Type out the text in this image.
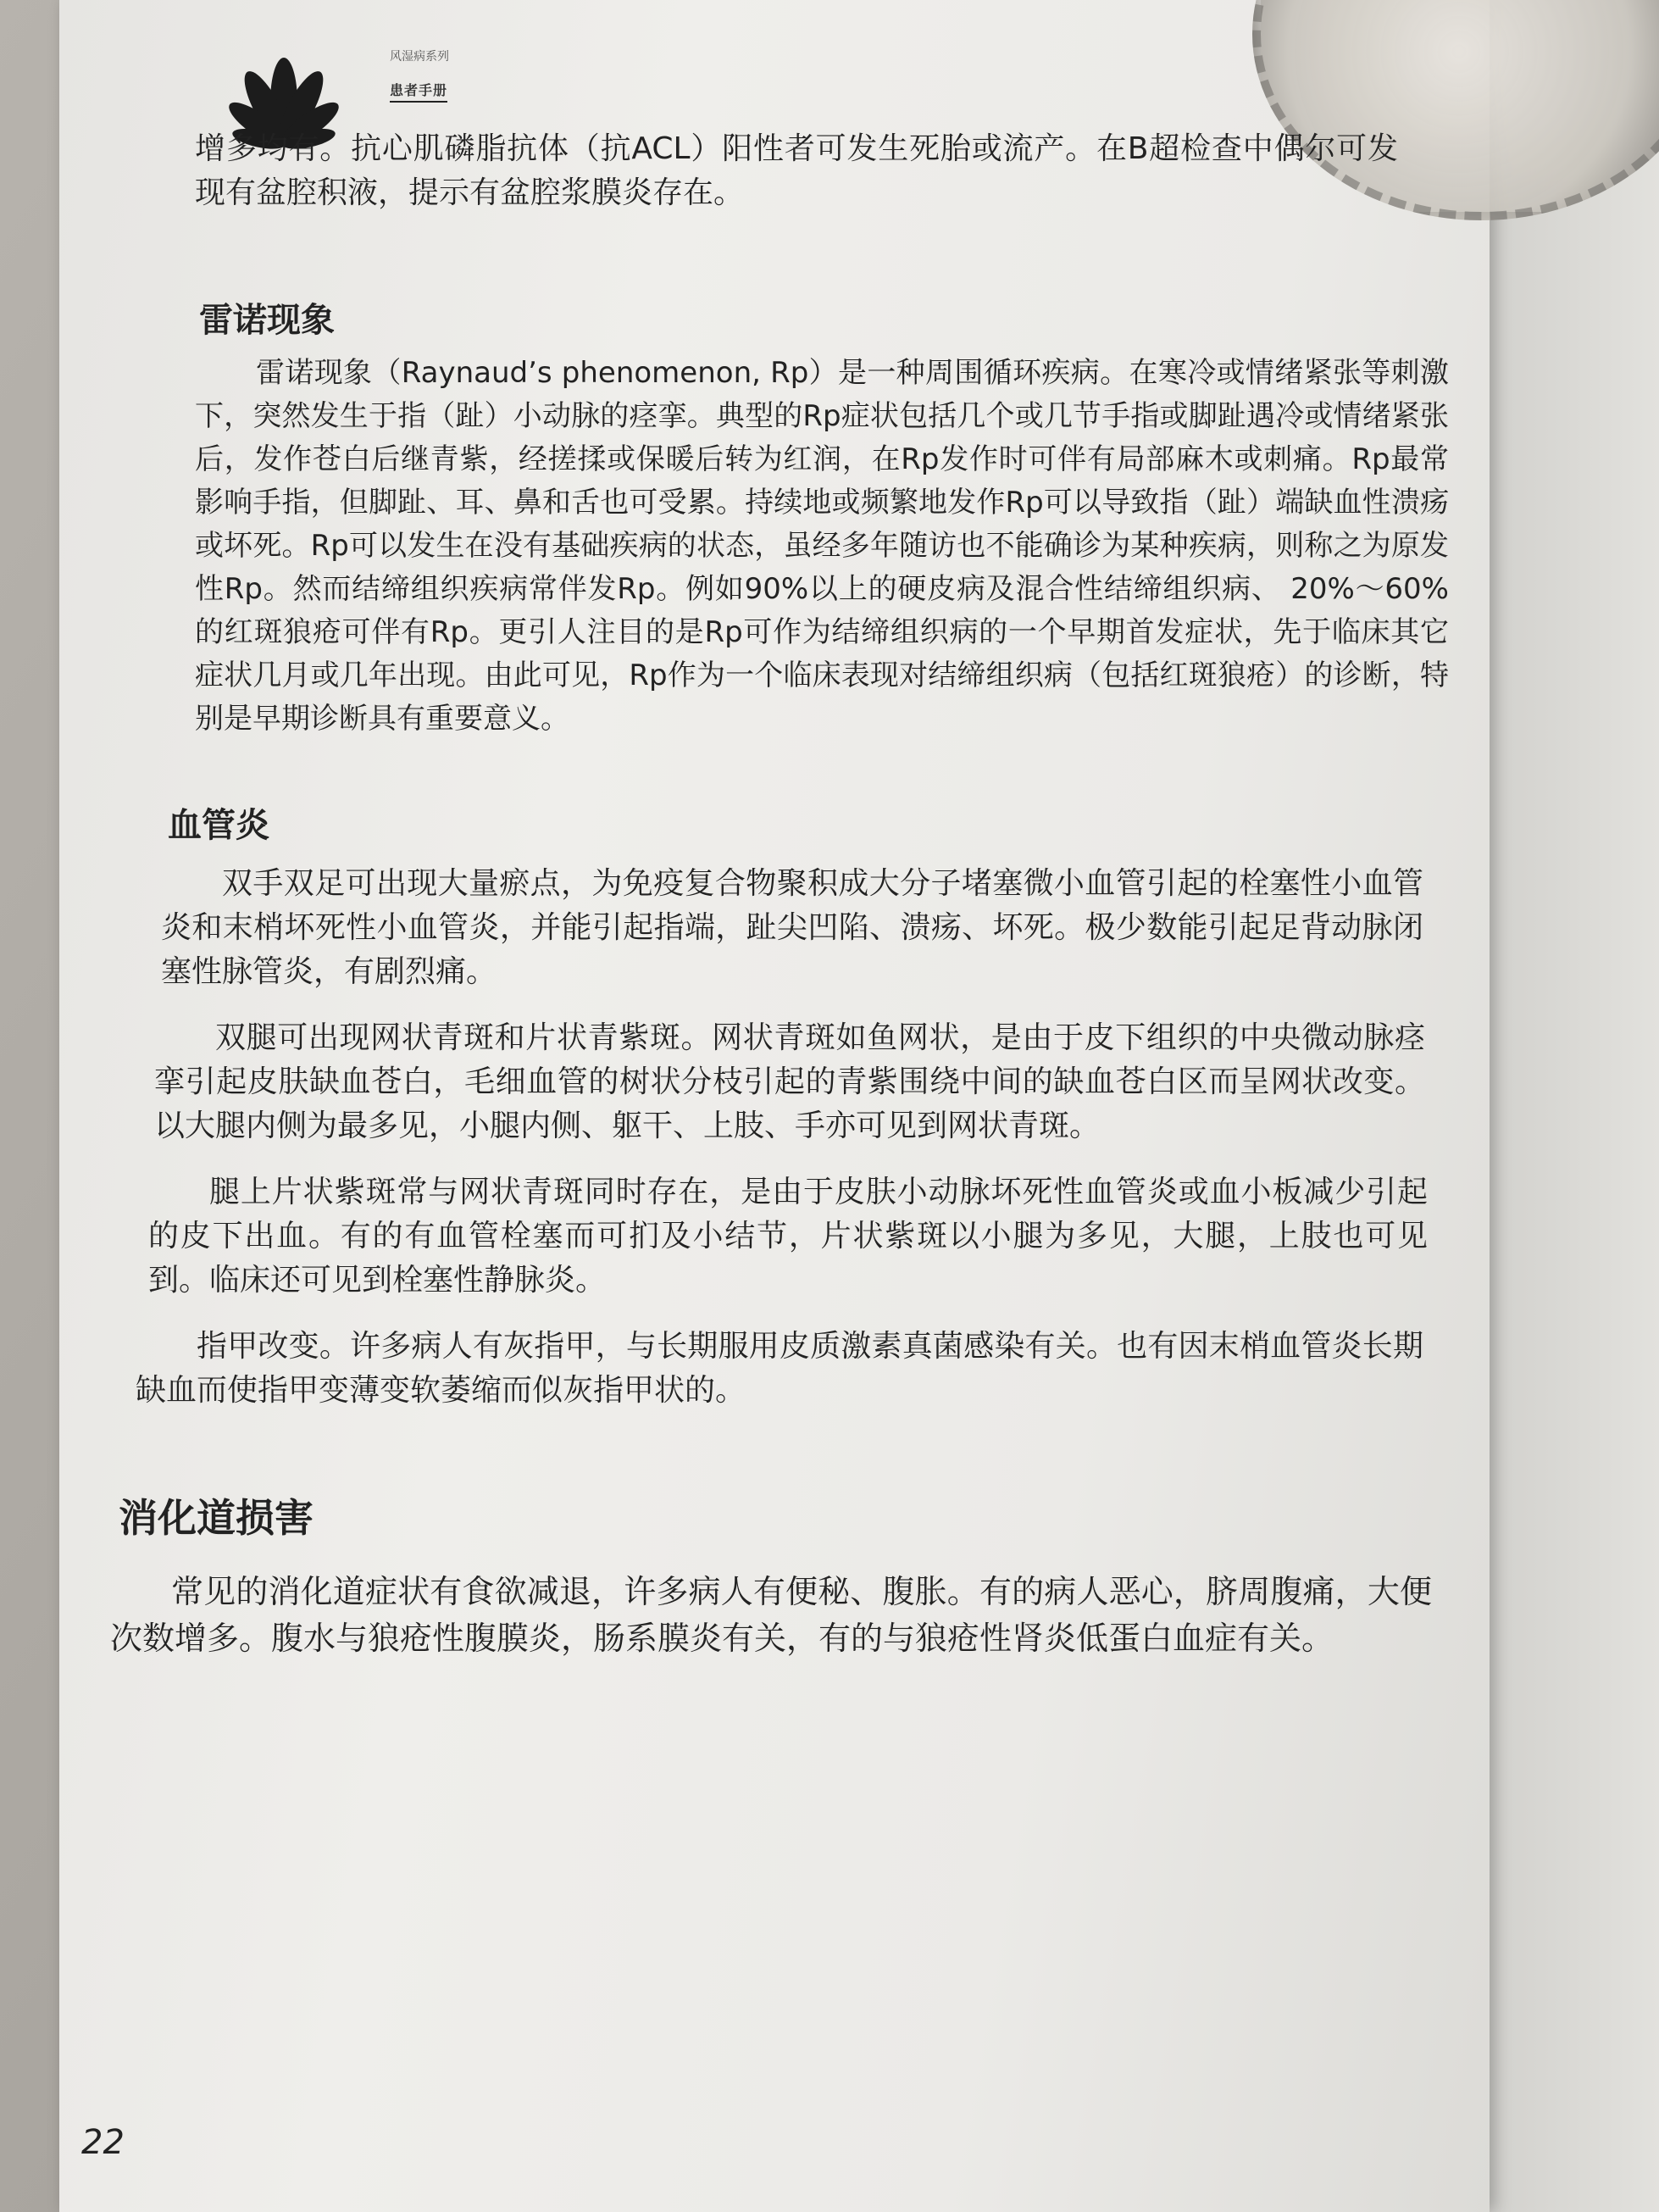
风湿病系列
患者手册

增多均有。抗心肌磷脂抗体（抗ACL）阳性者可发生死胎或流产。在B超检查中偶尔可发现有盆腔积液，提示有盆腔浆膜炎存在。

雷诺现象

雷诺现象（Raynaud’s phenomenon, Rp）是一种周围循环疾病。在寒冷或情绪紧张等刺激下，突然发生于指（趾）小动脉的痉挛。典型的Rp症状包括几个或几节手指或脚趾遇冷或情绪紧张后，发作苍白后继青紫，经搓揉或保暖后转为红润，在Rp发作时可伴有局部麻木或刺痛。Rp最常影响手指，但脚趾、耳、鼻和舌也可受累。持续地或频繁地发作Rp可以导致指（趾）端缺血性溃疡或坏死。Rp可以发生在没有基础疾病的状态，虽经多年随访也不能确诊为某种疾病，则称之为原发性Rp。然而结缔组织疾病常伴发Rp。例如90%以上的硬皮病及混合性结缔组织病、 20%～60%的红斑狼疮可伴有Rp。更引人注目的是Rp可作为结缔组织病的一个早期首发症状，先于临床其它症状几月或几年出现。由此可见，Rp作为一个临床表现对结缔组织病（包括红斑狼疮）的诊断，特别是早期诊断具有重要意义。

血管炎

双手双足可出现大量瘀点，为免疫复合物聚积成大分子堵塞微小血管引起的栓塞性小血管炎和末梢坏死性小血管炎，并能引起指端，趾尖凹陷、溃疡、坏死。极少数能引起足背动脉闭塞性脉管炎，有剧烈痛。

双腿可出现网状青斑和片状青紫斑。网状青斑如鱼网状，是由于皮下组织的中央微动脉痉挛引起皮肤缺血苍白，毛细血管的树状分枝引起的青紫围绕中间的缺血苍白区而呈网状改变。以大腿内侧为最多见，小腿内侧、躯干、上肢、手亦可见到网状青斑。

腿上片状紫斑常与网状青斑同时存在，是由于皮肤小动脉坏死性血管炎或血小板减少引起的皮下出血。有的有血管栓塞而可扪及小结节，片状紫斑以小腿为多见，大腿，上肢也可见到。临床还可见到栓塞性静脉炎。

指甲改变。许多病人有灰指甲，与长期服用皮质激素真菌感染有关。也有因末梢血管炎长期缺血而使指甲变薄变软萎缩而似灰指甲状的。

消化道损害

常见的消化道症状有食欲减退，许多病人有便秘、腹胀。有的病人恶心，脐周腹痛，大便次数增多。腹水与狼疮性腹膜炎，肠系膜炎有关，有的与狼疮性肾炎低蛋白血症有关。

22
